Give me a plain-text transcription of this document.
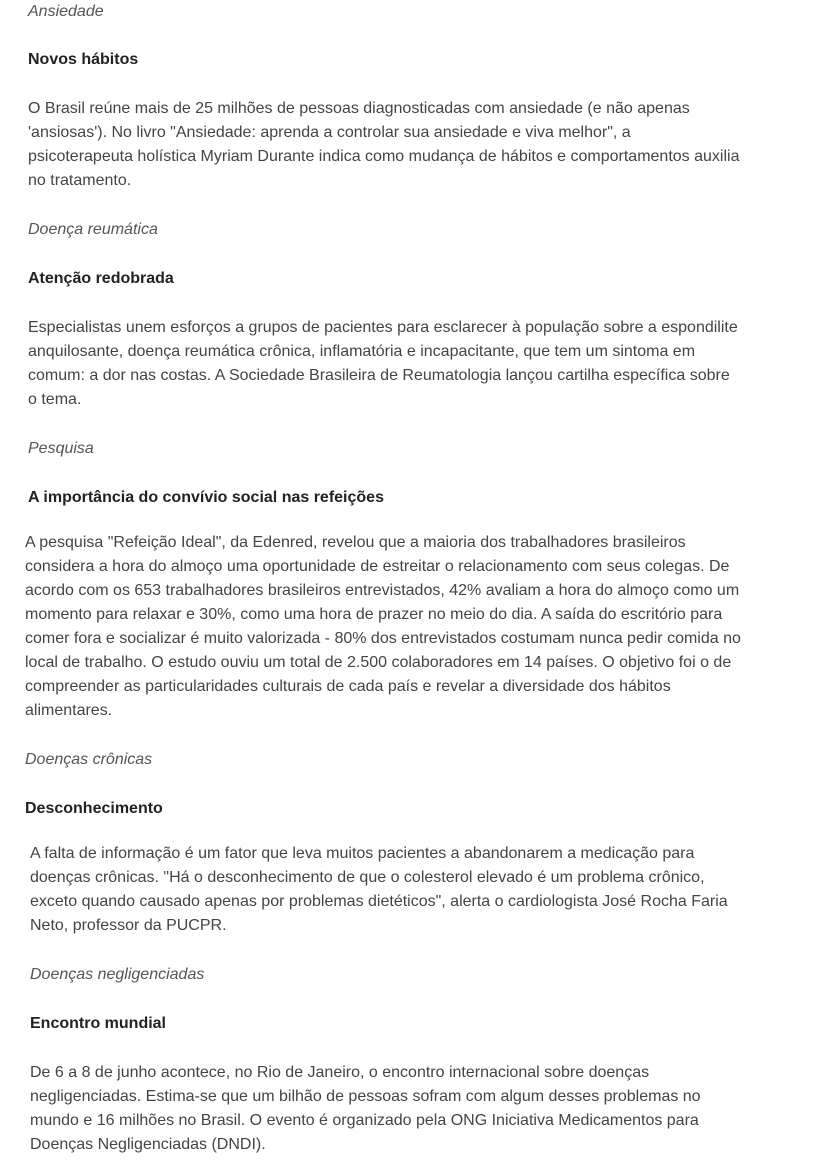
Ansiedade

Novos hábitos

O Brasil reúne mais de 25 milhões de pessoas diagnosticadas com ansiedade (e não apenas 'ansiosas'). No livro "Ansiedade: aprenda a controlar sua ansiedade e viva melhor", a psicoterapeuta holística Myriam Durante indica como mudança de hábitos e comportamentos auxilia no tratamento.

Doença reumática

Atenção redobrada

Especialistas unem esforços a grupos de pacientes para esclarecer à população sobre a espondilite anquilosante, doença reumática crônica, inflamatória e incapacitante, que tem um sintoma em comum: a dor nas costas. A Sociedade Brasileira de Reumatologia lançou cartilha específica sobre o tema.

Pesquisa

A importância do convívio social nas refeições

A pesquisa "Refeição Ideal", da Edenred, revelou que a maioria dos trabalhadores brasileiros considera a hora do almoço uma oportunidade de estreitar o relacionamento com seus colegas. De acordo com os 653 trabalhadores brasileiros entrevistados, 42% avaliam a hora do almoço como um momento para relaxar e 30%, como uma hora de prazer no meio do dia. A saída do escritório para comer fora e socializar é muito valorizada - 80% dos entrevistados costumam nunca pedir comida no local de trabalho. O estudo ouviu um total de 2.500 colaboradores em 14 países. O objetivo foi o de compreender as particularidades culturais de cada país e revelar a diversidade dos hábitos alimentares.

Doenças crônicas

Desconhecimento

A falta de informação é um fator que leva muitos pacientes a abandonarem a medicação para doenças crônicas. "Há o desconhecimento de que o colesterol elevado é um problema crônico, exceto quando causado apenas por problemas dietéticos", alerta o cardiologista José Rocha Faria Neto, professor da PUCPR.

Doenças negligenciadas

Encontro mundial

De 6 a 8 de junho acontece, no Rio de Janeiro, o encontro internacional sobre doenças negligenciadas. Estima-se que um bilhão de pessoas sofram com algum desses problemas no mundo e 16 milhões no Brasil. O evento é organizado pela ONG Iniciativa Medicamentos para Doenças Negligenciadas (DNDI).
